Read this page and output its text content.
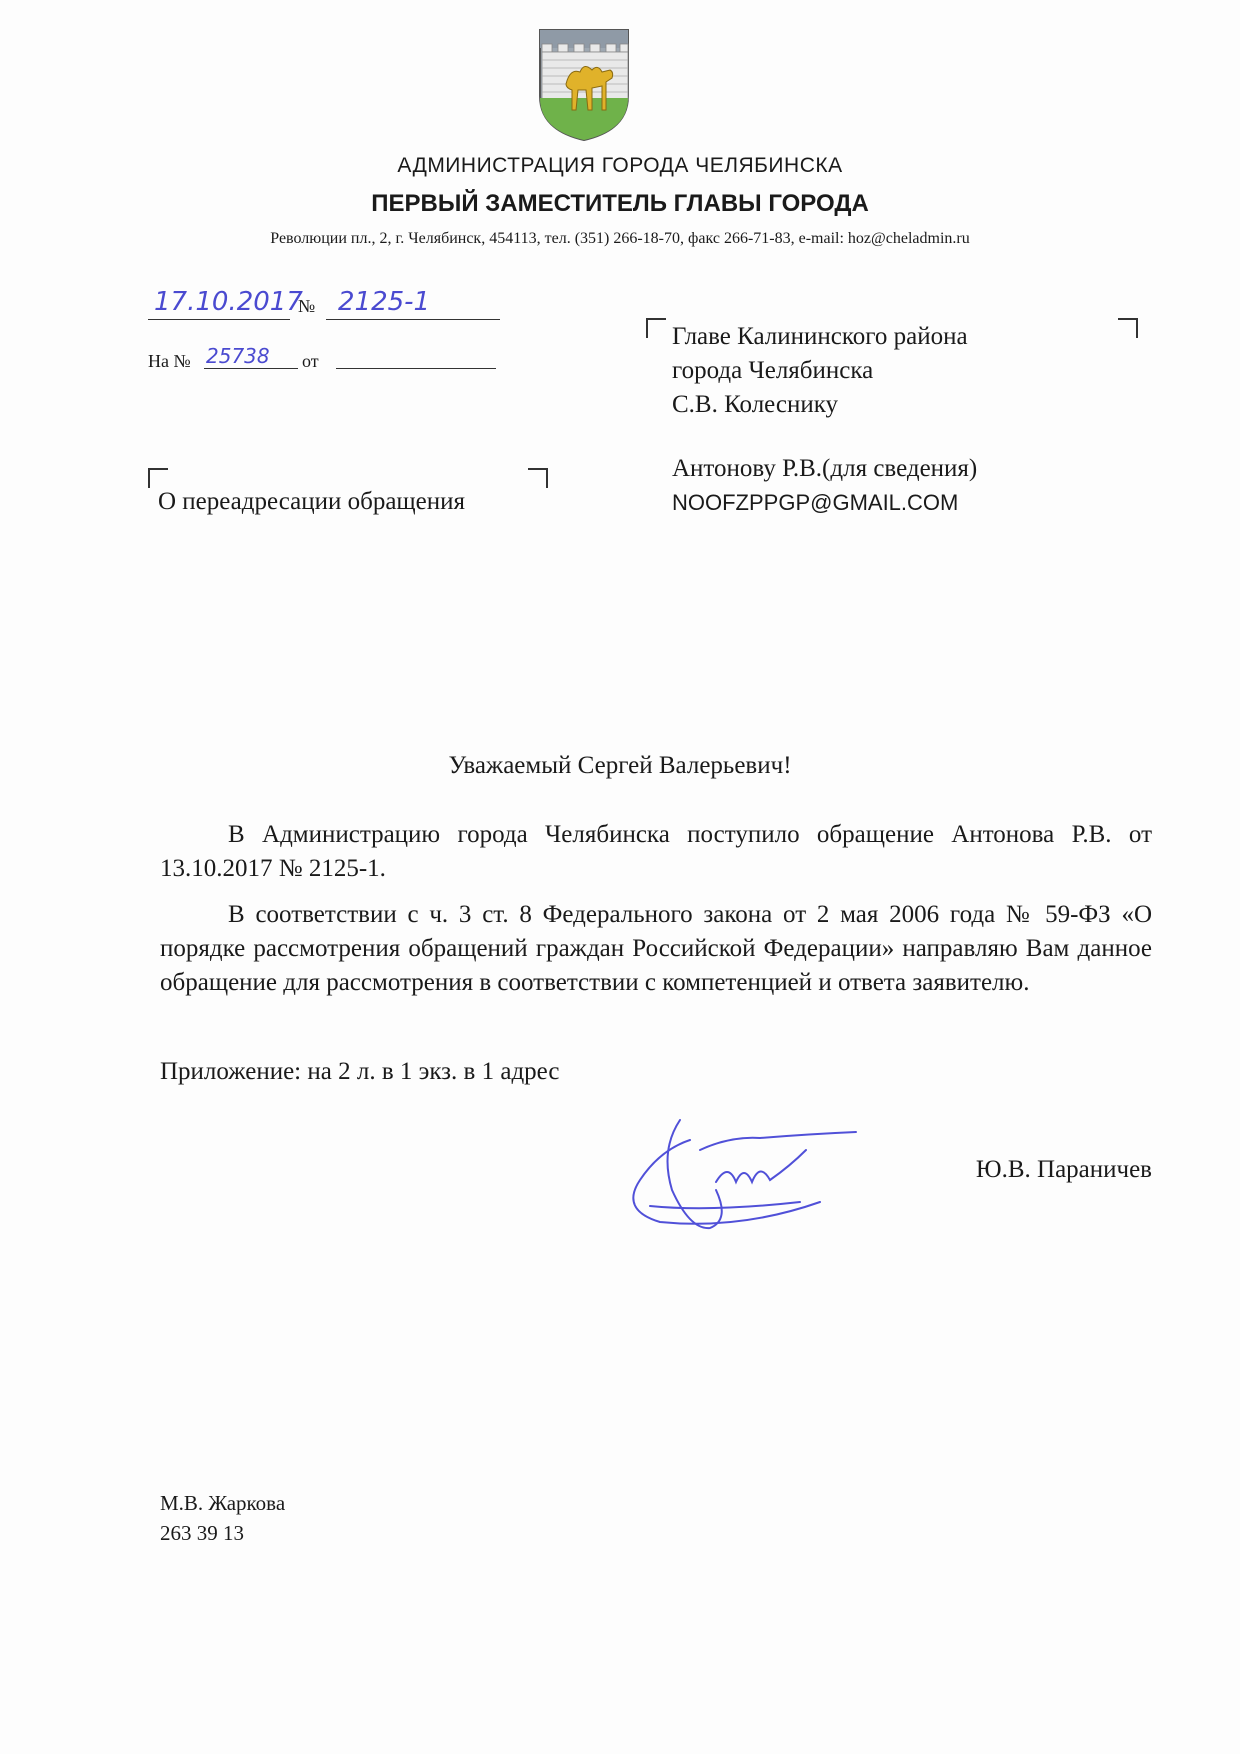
АДМИНИСТРАЦИЯ ГОРОДА ЧЕЛЯБИНСКА
ПЕРВЫЙ ЗАМЕСТИТЕЛЬ ГЛАВЫ ГОРОДА
Революции пл., 2, г. Челябинск, 454113, тел. (351) 266-18-70, факс 266-71-83, e-mail: hoz@cheladmin.ru
17.10.2017
№ 2125-1
На № 25738	от
О переадресации обращения
Главе Калининского района
города Челябинска
С.В. Колеснику
Антонову Р.В.(для сведения)
NOOFZPPGP@GMAIL.COM
Уважаемый Сергей Валерьевич!

В Администрацию города Челябинска поступило обращение Антонова Р.В. от 13.10.2017 № 2125-1.

В соответствии с ч. 3 ст. 8 Федерального закона от 2 мая 2006 года № 59-ФЗ «О порядке рассмотрения обращений граждан Российской Федерации» направляю Вам данное обращение для рассмотрения в соответствии с компетенцией и ответа заявителю.

Приложение: на 2 л. в 1 экз. в 1 адрес
Ю.В. Параничев
М.В. Жаркова
263 39 13
